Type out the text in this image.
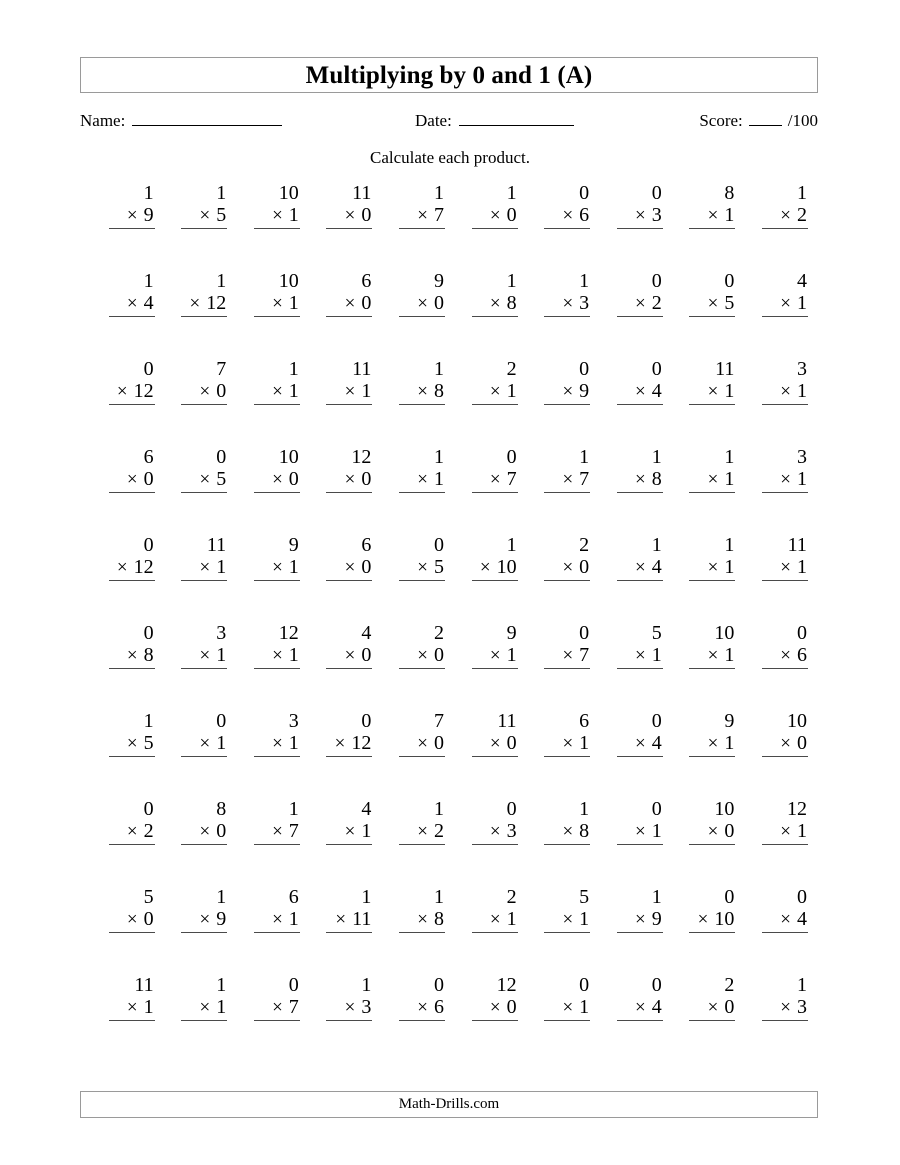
Multiplying by 0 and 1 (A)
Name:	Date:	Score:	/100
Calculate each product.
1
× 9
1
× 5
10
× 1
11
× 0
1
× 7
1
× 0
0
× 6
0
× 3
8
× 1
1
× 2
1
× 4
1
× 12
10
× 1
6
× 0
9
× 0
1
× 8
1
× 3
0
× 2
0
× 5
4
× 1
0
× 12
7
× 0
1
× 1
11
× 1
1
× 8
2
× 1
0
× 9
0
× 4
11
× 1
3
× 1
6
× 0
0
× 5
10
× 0
12
× 0
1
× 1
0
× 7
1
× 7
1
× 8
1
× 1
3
× 1
0
× 12
11
× 1
9
× 1
6
× 0
0
× 5
1
× 10
2
× 0
1
× 4
1
× 1
11
× 1
0
× 8
3
× 1
12
× 1
4
× 0
2
× 0
9
× 1
0
× 7
5
× 1
10
× 1
0
× 6
1
× 5
0
× 1
3
× 1
0
× 12
7
× 0
11
× 0
6
× 1
0
× 4
9
× 1
10
× 0
0
× 2
8
× 0
1
× 7
4
× 1
1
× 2
0
× 3
1
× 8
0
× 1
10
× 0
12
× 1
5
× 0
1
× 9
6
× 1
1
× 11
1
× 8
2
× 1
5
× 1
1
× 9
0
× 10
0
× 4
11
× 1
1
× 1
0
× 7
1
× 3
0
× 6
12
× 0
0
× 1
0
× 4
2
× 0
1
× 3
Math-Drills.com
